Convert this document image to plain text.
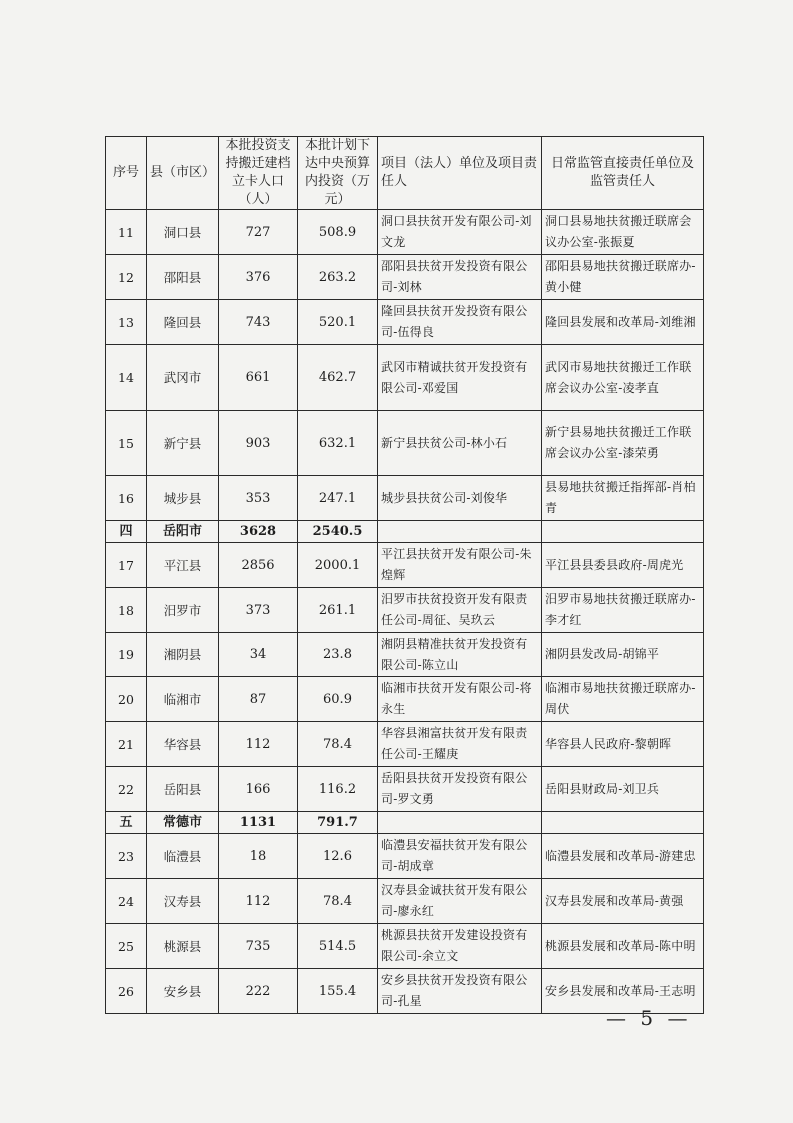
序号	县（市区）	本批投资支持搬迁建档立卡人口（人）	本批计划下达中央预算内投资（万元）	项目（法人）单位及项目责任人	日常监管直接责任单位及监管责任人
11	洞口县	727	508.9	洞口县扶贫开发有限公司-刘文龙	洞口县易地扶贫搬迁联席会议办公室-张振夏
12	邵阳县	376	263.2	邵阳县扶贫开发投资有限公司-刘林	邵阳县易地扶贫搬迁联席办-黄小健
13	隆回县	743	520.1	隆回县扶贫开发投资有限公司-伍得良	隆回县发展和改革局-刘维湘
14	武冈市	661	462.7	武冈市精诚扶贫开发投资有限公司-邓爱国	武冈市易地扶贫搬迁工作联席会议办公室-凌孝直
15	新宁县	903	632.1	新宁县扶贫公司-林小石	新宁县易地扶贫搬迁工作联席会议办公室-漆荣勇
16	城步县	353	247.1	城步县扶贫公司-刘俊华	县易地扶贫搬迁指挥部-肖柏青
四	岳阳市	3628	2540.5		
17	平江县	2856	2000.1	平江县扶贫开发有限公司-朱煌辉	平江县县委县政府-周虎光
18	汨罗市	373	261.1	汨罗市扶贫投资开发有限责任公司-周征、吴玖云	汨罗市易地扶贫搬迁联席办-李才红
19	湘阴县	34	23.8	湘阴县精准扶贫开发投资有限公司-陈立山	湘阴县发改局-胡锦平
20	临湘市	87	60.9	临湘市扶贫开发有限公司-将永生	临湘市易地扶贫搬迁联席办-周伏
21	华容县	112	78.4	华容县湘富扶贫开发有限责任公司-王耀庚	华容县人民政府-黎朝晖
22	岳阳县	166	116.2	岳阳县扶贫开发投资有限公司-罗文勇	岳阳县财政局-刘卫兵
五	常德市	1131	791.7		
23	临澧县	18	12.6	临澧县安福扶贫开发有限公司-胡成章	临澧县发展和改革局-游建忠
24	汉寿县	112	78.4	汉寿县金诚扶贫开发有限公司-廖永红	汉寿县发展和改革局-黄强
25	桃源县	735	514.5	桃源县扶贫开发建设投资有限公司-余立文	桃源县发展和改革局-陈中明
26	安乡县	222	155.4	安乡县扶贫开发投资有限公司-孔星	安乡县发展和改革局-王志明
— 5 —
